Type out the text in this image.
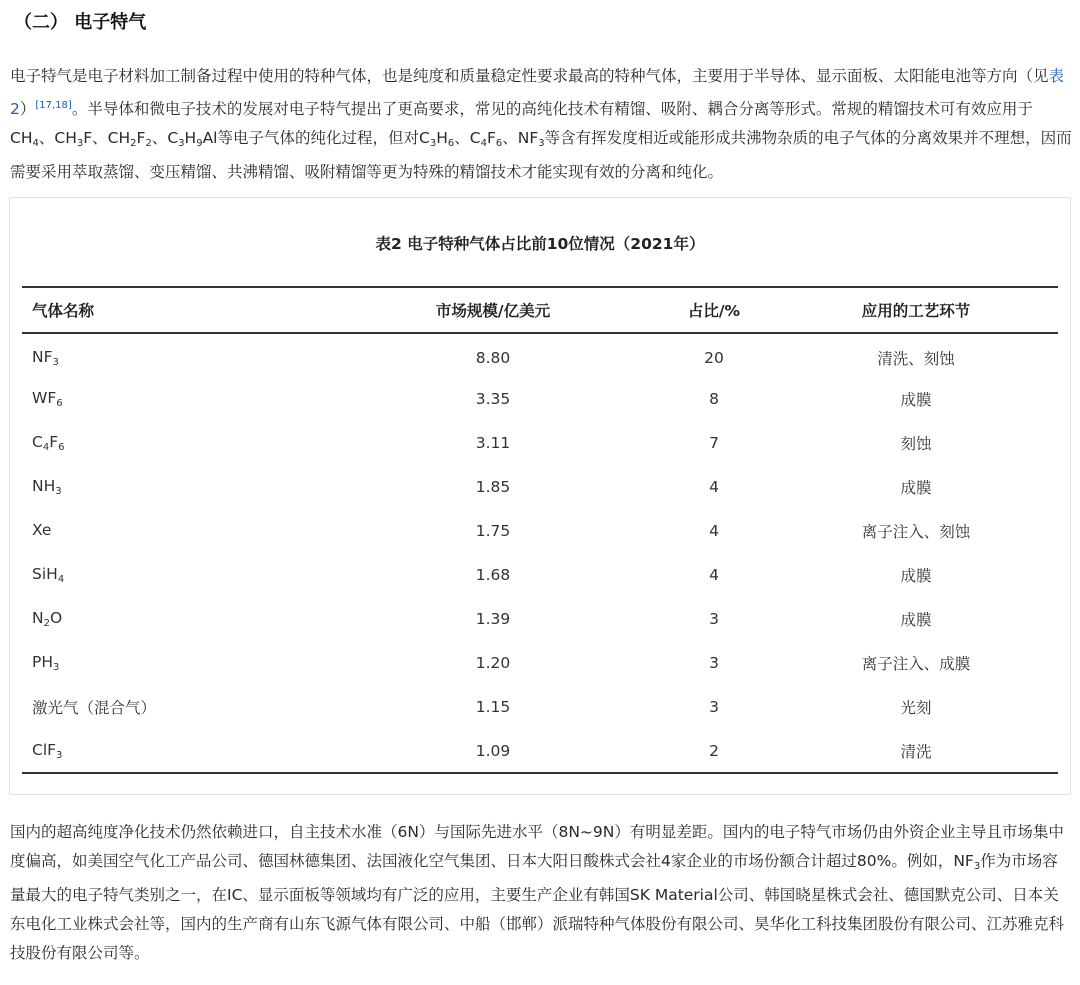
（二） 电子特气

电子特气是电子材料加工制备过程中使用的特种气体，也是纯度和质量稳定性要求最高的特种气体，主要用于半导体、显示面板、太阳能电池等方向（见表2）[17,18]。半导体和微电子技术的发展对电子特气提出了更高要求，常见的高纯化技术有精馏、吸附、耦合分离等形式。常规的精馏技术可有效应用于$CH_4$、$CH_3F$、$CH_2F_2$、$C_3H_9Al$等电子气体的纯化过程，但对$C_3H_6$、$C_4F_6$、$NF_3$等含有挥发度相近或能形成共沸物杂质的电子气体的分离效果并不理想，因而需要采用萃取蒸馏、变压精馏、共沸精馏、吸附精馏等更为特殊的精馏技术才能实现有效的分离和纯化。

表2 电子特种气体占比前10位情况（2021年）
气体名称	市场规模/亿美元	占比/%	应用的工艺环节
$NF_3$	8.80	20	清洗、刻蚀
$WF_6$	3.35	8	成膜
$C_4F_6$	3.11	7	刻蚀
$NH_3$	1.85	4	成膜
Xe	1.75	4	离子注入、刻蚀
SiH$_4$	1.68	4	成膜
$N_2O$	1.39	3	成膜
$PH_3$	1.20	3	离子注入、成膜
激光气（混合气）	1.15	3	光刻
ClF$_3$	1.09	2	清洗

国内的超高纯度净化技术仍然依赖进口，自主技术水准（6N）与国际先进水平（8N~9N）有明显差距。国内的电子特气市场仍由外资企业主导且市场集中度偏高，如美国空气化工产品公司、德国林德集团、法国液化空气集团、日本大阳日酸株式会社4家企业的市场份额合计超过80%。例如，$NF_3$作为市场容量最大的电子特气类别之一，在IC、显示面板等领域均有广泛的应用，主要生产企业有韩国SK Material公司、韩国晓星株式会社、德国默克公司、日本关东电化工业株式会社等，国内的生产商有山东飞源气体有限公司、中船（邯郸）派瑞特种气体股份有限公司、昊华化工科技集团股份有限公司、江苏雅克科技股份有限公司等。
